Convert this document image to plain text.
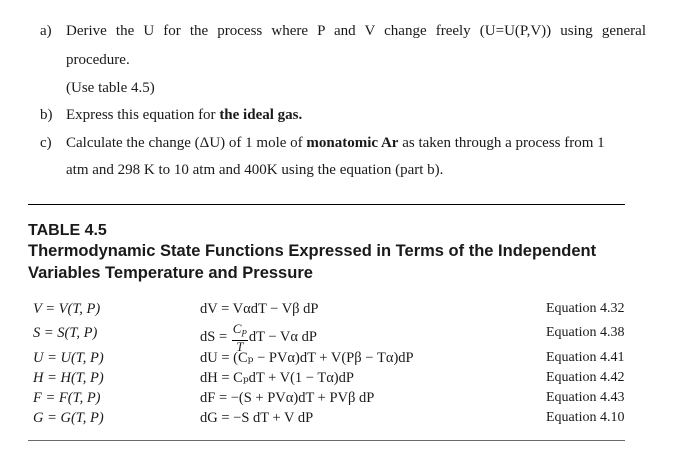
a) Derive the U for the process where P and V change freely (U=U(P,V)) using general
procedure.
(Use table 4.5)
b) Express this equation for the ideal gas.
c) Calculate the change (ΔU) of 1 mole of monatomic Ar as taken through a process from 1
atm and 298 K to 10 atm and 400K using the equation (part b).
TABLE 4.5
Thermodynamic State Functions Expressed in Terms of the Independent
Variables Temperature and Pressure
V = V(T, P)	dV = VαdT − Vβ dP	Equation 4.32
S = S(T, P)	dS = $\frac{C_P}{T}$ dT − Vα dP	Equation 4.38
U = U(T, P)	dU = (Cₚ − PVα)dT + V(Pβ − Tα)dP	Equation 4.41
H = H(T, P)	dH = CₚdT + V(1 − Tα)dP	Equation 4.42
F = F(T, P)	dF = −(S + PVα)dT + PVβ dP	Equation 4.43
G = G(T, P)	dG = −S dT + V dP	Equation 4.10
